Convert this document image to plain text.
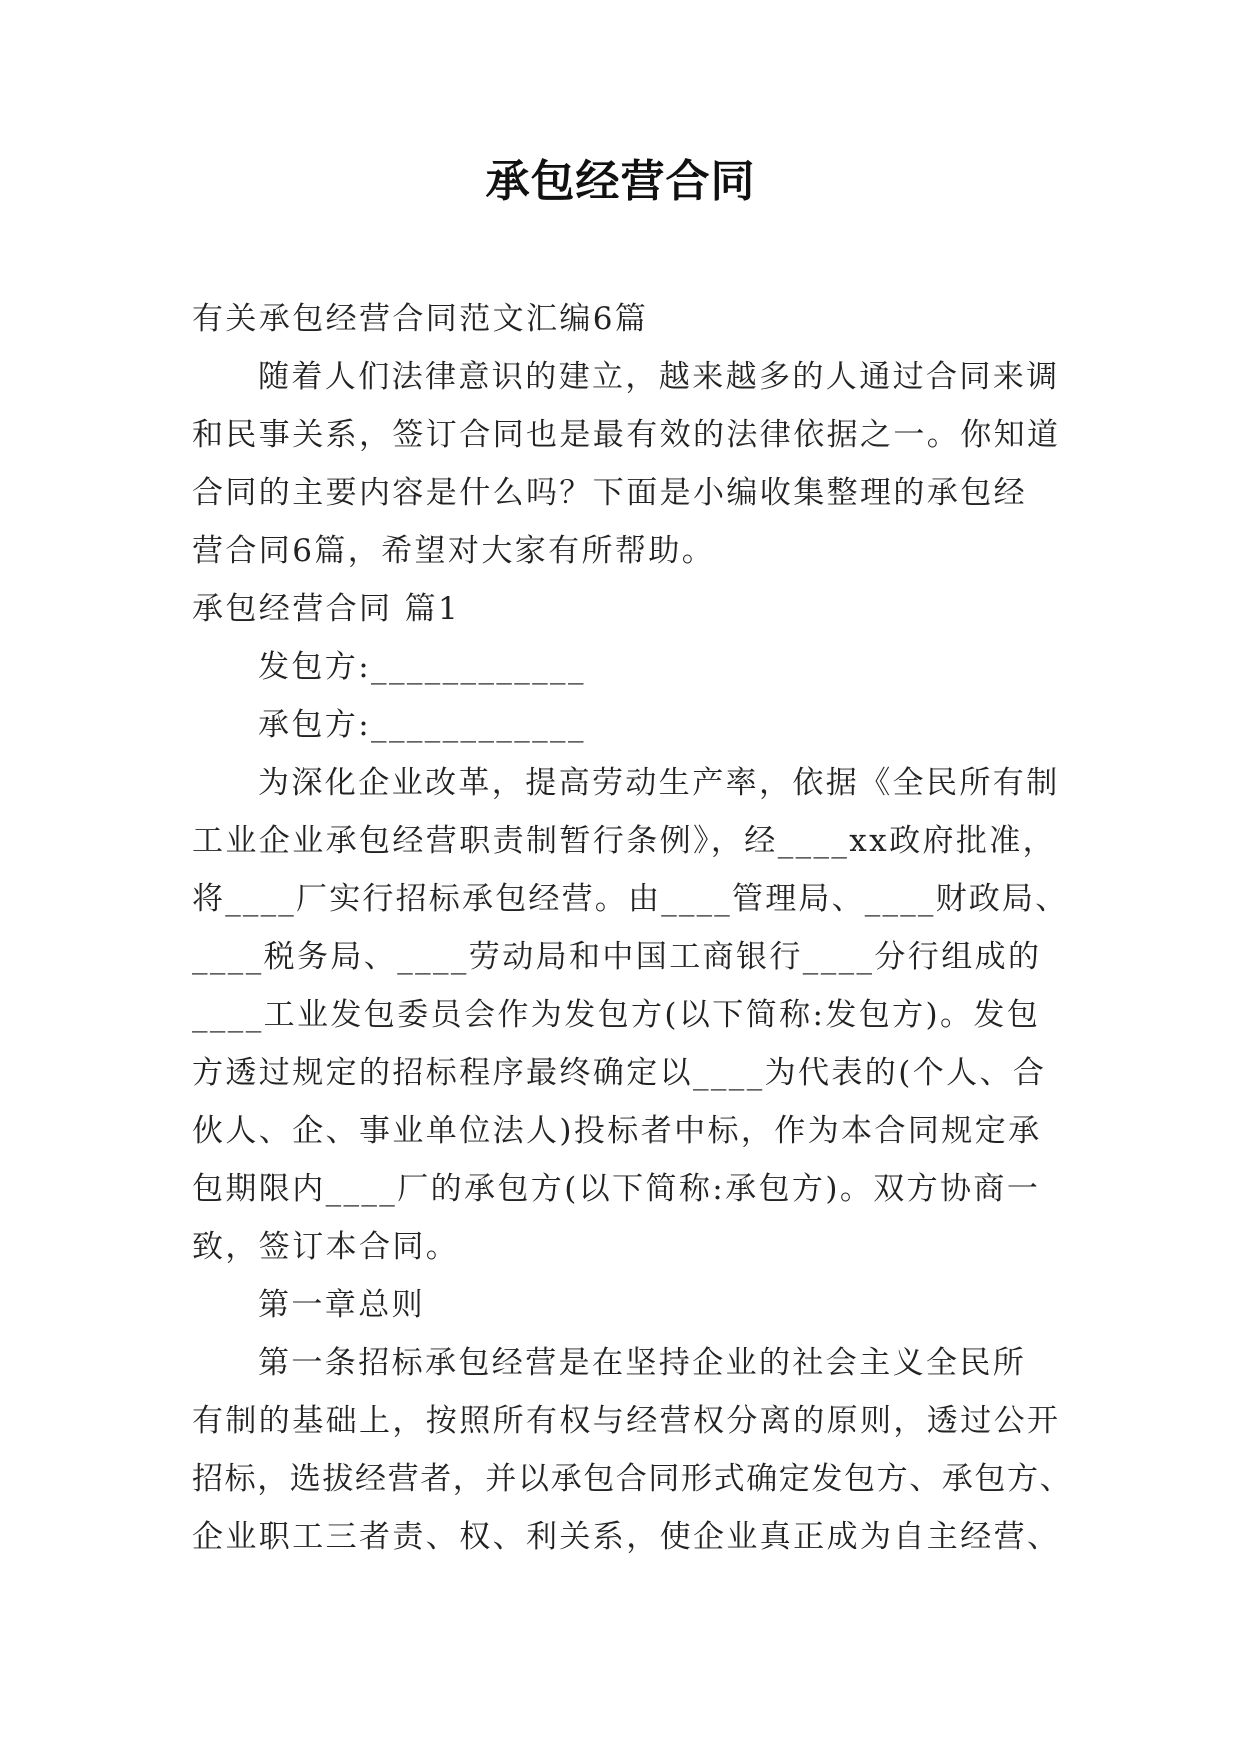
承包经营合同

有关承包经营合同范文汇编6篇

随着人们法律意识的建立，越来越多的人通过合同来调

和民事关系，签订合同也是最有效的法律依据之一。你知道

合同的主要内容是什么吗？下面是小编收集整理的承包经

营合同6篇，希望对大家有所帮助。

承包经营合同 篇1

发包方:____________

承包方:____________

为深化企业改革，提高劳动生产率，依据《全民所有制

工业企业承包经营职责制暂行条例》，经____xx政府批准，

将____厂实行招标承包经营。由____管理局、____财政局、

____税务局、____劳动局和中国工商银行____分行组成的

____工业发包委员会作为发包方(以下简称:发包方)。发包

方透过规定的招标程序最终确定以____为代表的(个人、合

伙人、企、事业单位法人)投标者中标，作为本合同规定承

包期限内____厂的承包方(以下简称:承包方)。双方协商一

致，签订本合同。

第一章总则

第一条招标承包经营是在坚持企业的社会主义全民所

有制的基础上，按照所有权与经营权分离的原则，透过公开

招标，选拔经营者，并以承包合同形式确定发包方、承包方、

企业职工三者责、权、利关系，使企业真正成为自主经营、
